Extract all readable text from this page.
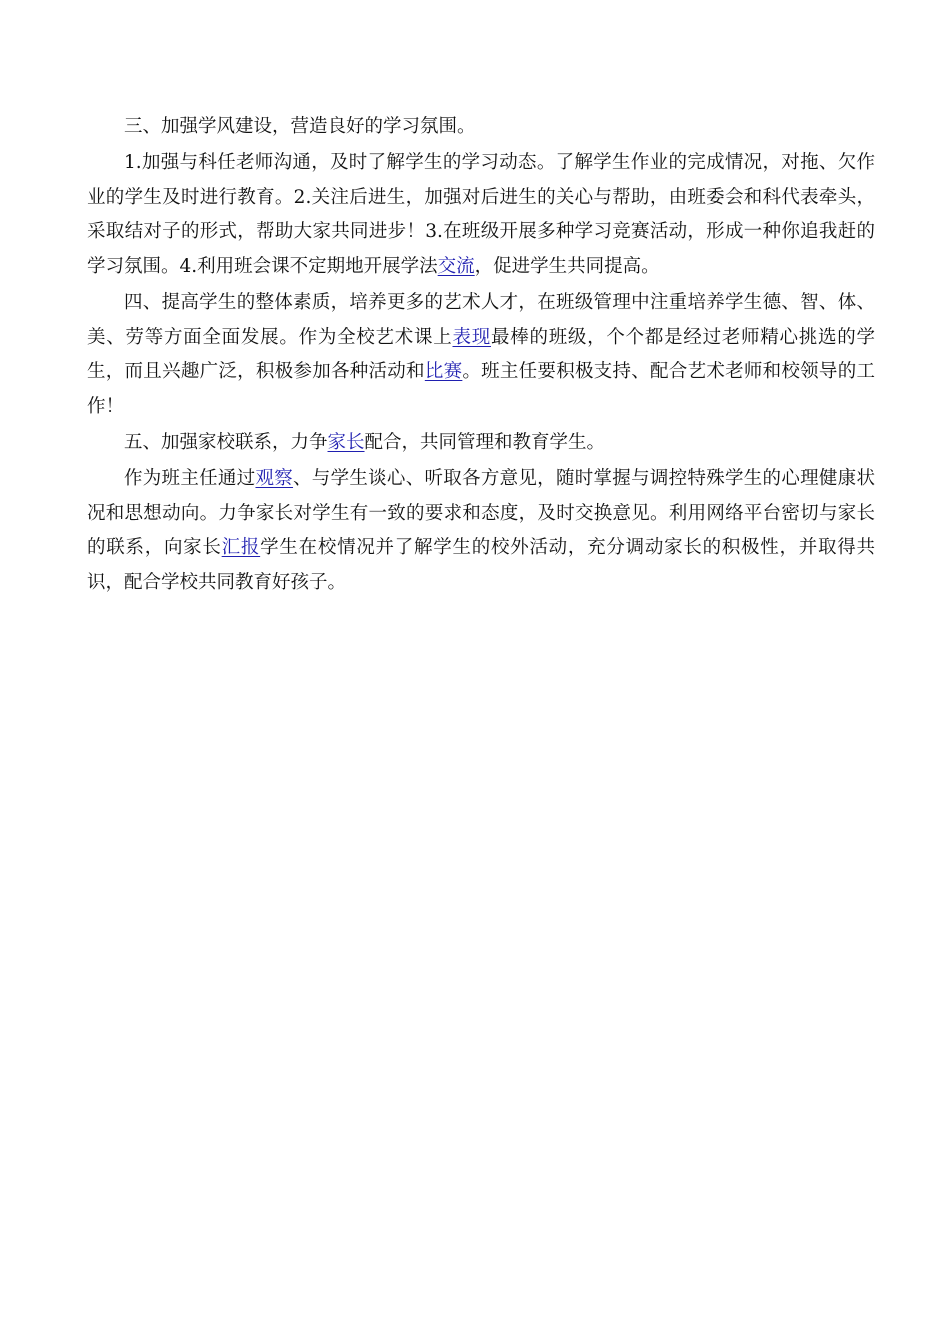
三、加强学风建设，营造良好的学习氛围。

1.加强与科任老师沟通，及时了解学生的学习动态。了解学生作业的完成情况，对拖、欠作业的学生及时进行教育。2.关注后进生，加强对后进生的关心与帮助，由班委会和科代表牵头，采取结对子的形式，帮助大家共同进步！3.在班级开展多种学习竞赛活动，形成一种你追我赶的学习氛围。4.利用班会课不定期地开展学法交流，促进学生共同提高。

四、提高学生的整体素质，培养更多的艺术人才，在班级管理中注重培养学生德、智、体、美、劳等方面全面发展。作为全校艺术课上表现最棒的班级，个个都是经过老师精心挑选的学生，而且兴趣广泛，积极参加各种活动和比赛。班主任要积极支持、配合艺术老师和校领导的工作！

五、加强家校联系，力争家长配合，共同管理和教育学生。

作为班主任通过观察、与学生谈心、听取各方意见，随时掌握与调控特殊学生的心理健康状况和思想动向。力争家长对学生有一致的要求和态度，及时交换意见。利用网络平台密切与家长的联系，向家长汇报学生在校情况并了解学生的校外活动，充分调动家长的积极性，并取得共识，配合学校共同教育好孩子。
